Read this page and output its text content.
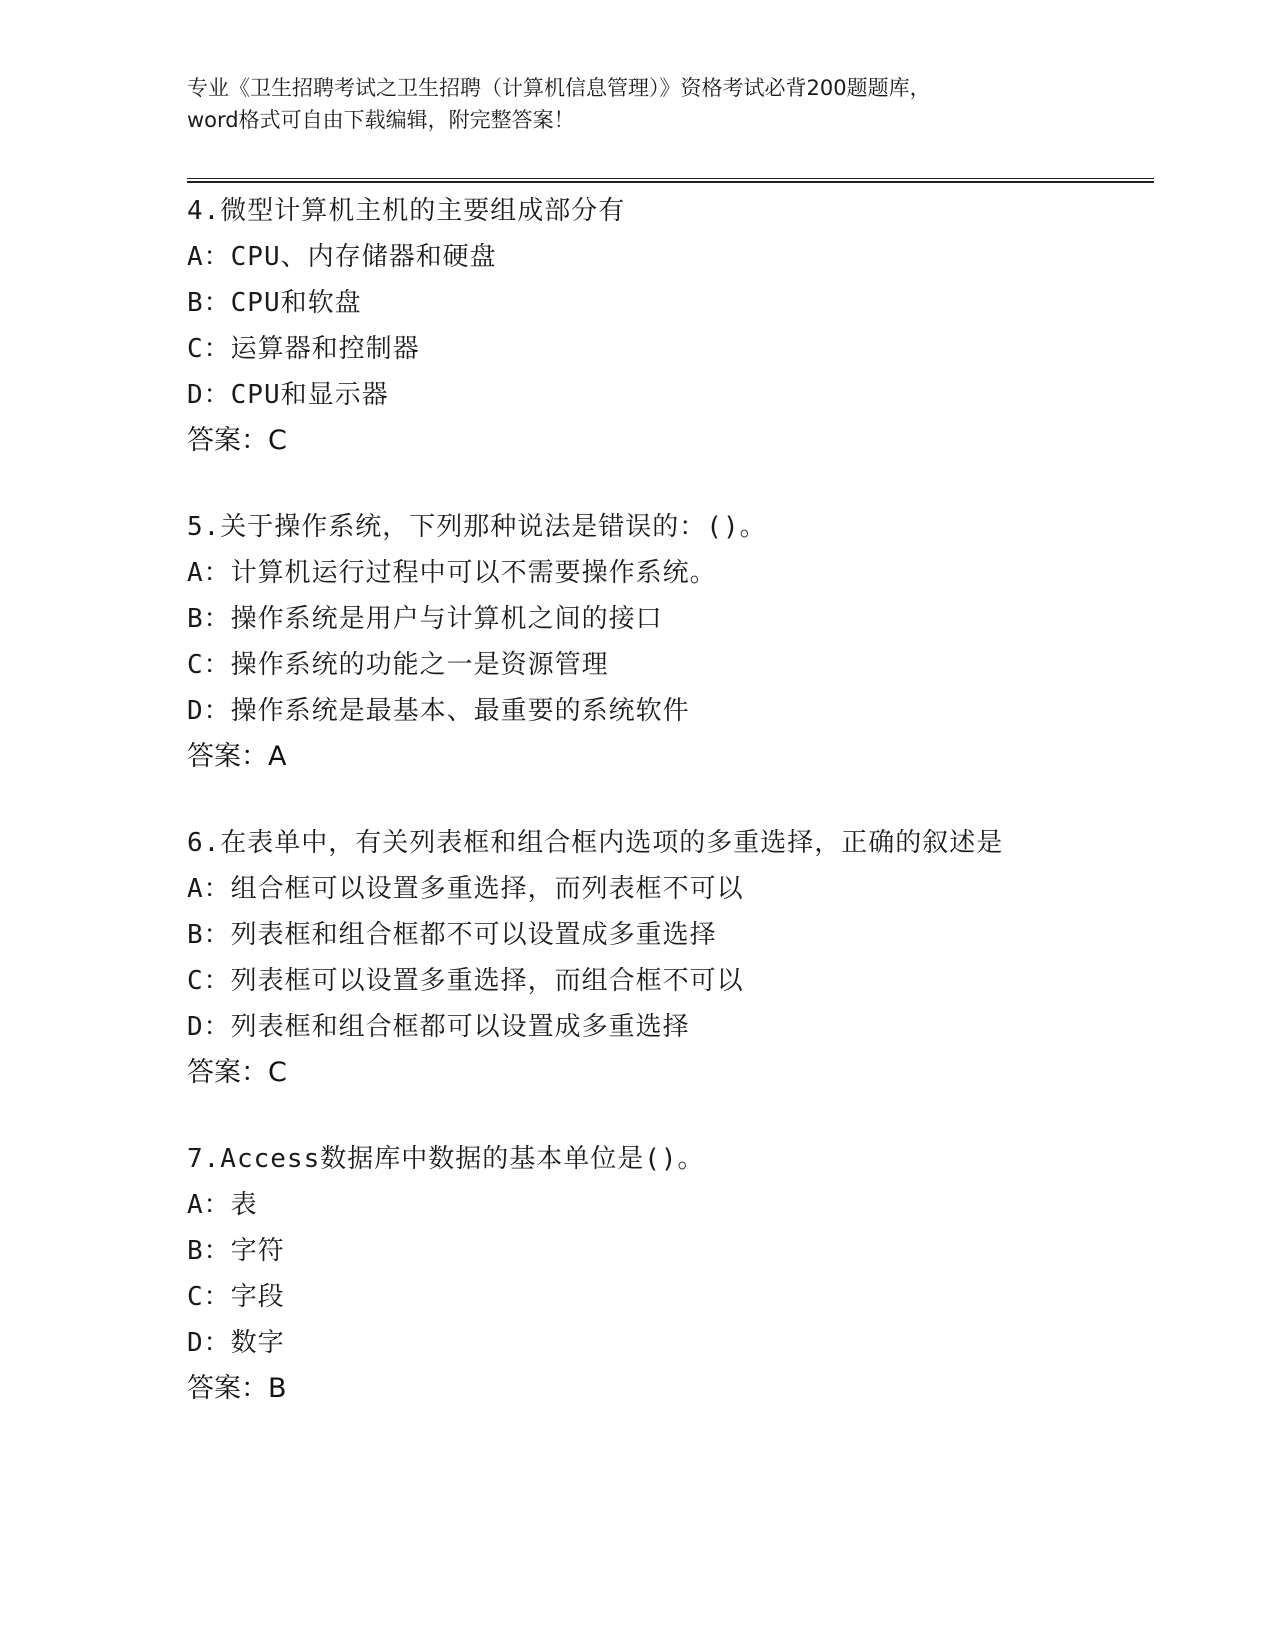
专业《卫生招聘考试之卫生招聘（计算机信息管理）》资格考试必背200题题库，
word格式可自由下载编辑，附完整答案！
4.微型计算机主机的主要组成部分有
A：CPU、内存储器和硬盘
B：CPU和软盘
C：运算器和控制器
D：CPU和显示器
答案：C
5.关于操作系统，下列那种说法是错误的：()。
A：计算机运行过程中可以不需要操作系统。
B：操作系统是用户与计算机之间的接口
C：操作系统的功能之一是资源管理
D：操作系统是最基本、最重要的系统软件
答案：A
6.在表单中，有关列表框和组合框内选项的多重选择，正确的叙述是
A：组合框可以设置多重选择，而列表框不可以
B：列表框和组合框都不可以设置成多重选择
C：列表框可以设置多重选择，而组合框不可以
D：列表框和组合框都可以设置成多重选择
答案：C
7.Access数据库中数据的基本单位是()。
A：表
B：字符
C：字段
D：数字
答案：B
